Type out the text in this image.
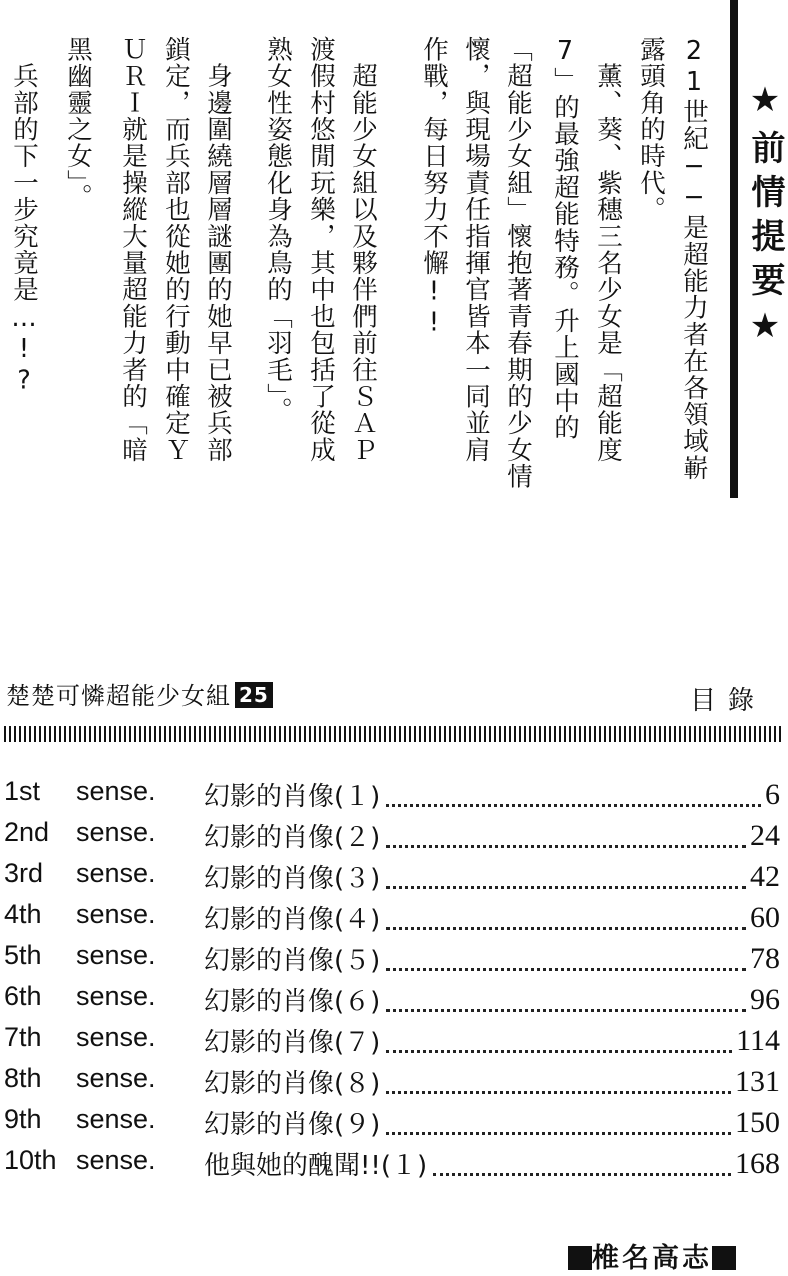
★前情提要★
21世紀──是超能力者在各領域嶄
露頭角的時代。
　薰、葵、紫穗三名少女是「超能度
7」的最強超能特務。升上國中的
「超能少女組」懷抱著青春期的少女情
懷，與現場責任指揮官皆本一同並肩
作戰，每日努力不懈!!
　超能少女組以及夥伴們前往ＳＡＰ
渡假村悠閒玩樂，其中也包括了從成
熟女性姿態化身為鳥的「羽毛」。
　身邊圍繞層層謎團的她早已被兵部
鎖定，而兵部也從她的行動中確定Ｙ
ＵＲＩ就是操縱大量超能力者的「暗
黑幽靈之女」。
　兵部的下一步究竟是…!?
楚楚可憐超能少女組 25	目錄
1st sense. 幻影的肖像(１)	6
2nd sense. 幻影的肖像(２)	24
3rd sense. 幻影的肖像(３)	42
4th sense. 幻影的肖像(４)	60
5th sense. 幻影的肖像(５)	78
6th sense. 幻影的肖像(６)	96
7th sense. 幻影的肖像(７)	114
8th sense. 幻影的肖像(８)	131
9th sense. 幻影的肖像(９)	150
10th sense. 他與她的醜聞!!(１)	168
椎名高志
